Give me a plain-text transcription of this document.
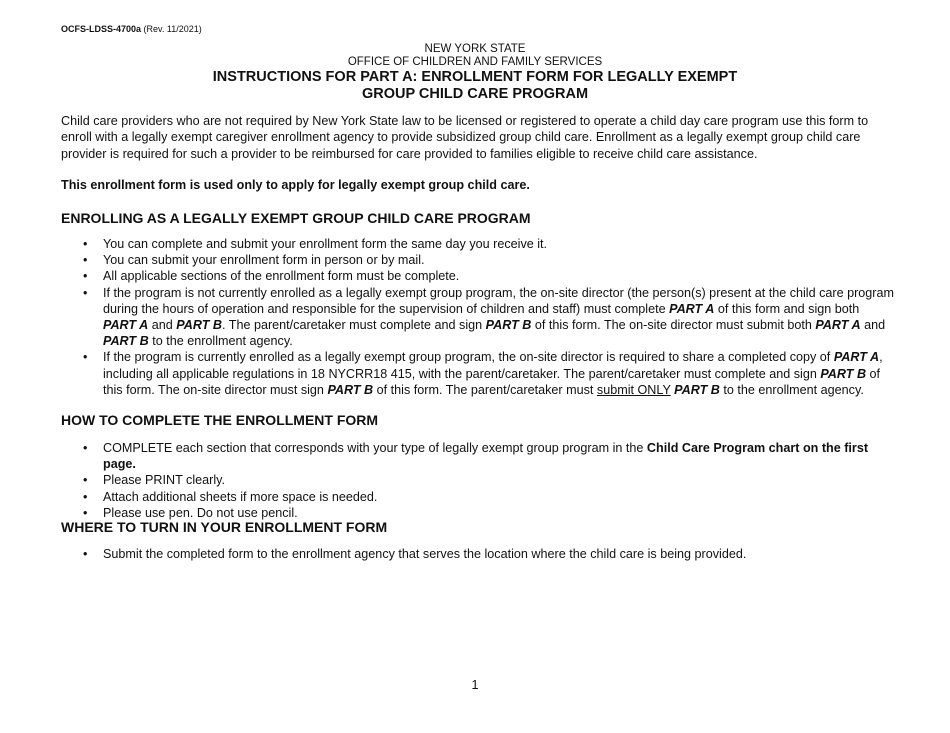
OCFS-LDSS-4700a (Rev. 11/2021)
NEW YORK STATE
OFFICE OF CHILDREN AND FAMILY SERVICES
INSTRUCTIONS FOR PART A: ENROLLMENT FORM FOR LEGALLY EXEMPT
GROUP CHILD CARE PROGRAM
Child care providers who are not required by New York State law to be licensed or registered to operate a child day care program use this form to enroll with a legally exempt caregiver enrollment agency to provide subsidized group child care. Enrollment as a legally exempt group child care provider is required for such a provider to be reimbursed for care provided to families eligible to receive child care assistance.
This enrollment form is used only to apply for legally exempt group child care.
ENROLLING AS A LEGALLY EXEMPT GROUP CHILD CARE PROGRAM
• You can complete and submit your enrollment form the same day you receive it.
• You can submit your enrollment form in person or by mail.
• All applicable sections of the enrollment form must be complete.
• If the program is not currently enrolled as a legally exempt group program, the on-site director (the person(s) present at the child care program during the hours of operation and responsible for the supervision of children and staff) must complete PART A of this form and sign both PART A and PART B. The parent/caretaker must complete and sign PART B of this form. The on-site director must submit both PART A and PART B to the enrollment agency.
• If the program is currently enrolled as a legally exempt group program, the on-site director is required to share a completed copy of PART A, including all applicable regulations in 18 NYCRR18 415, with the parent/caretaker. The parent/caretaker must complete and sign PART B of this form. The on-site director must sign PART B of this form. The parent/caretaker must submit ONLY PART B to the enrollment agency.
HOW TO COMPLETE THE ENROLLMENT FORM
• COMPLETE each section that corresponds with your type of legally exempt group program in the Child Care Program chart on the first page.
• Please PRINT clearly.
• Attach additional sheets if more space is needed.
• Please use pen. Do not use pencil.
WHERE TO TURN IN YOUR ENROLLMENT FORM
• Submit the completed form to the enrollment agency that serves the location where the child care is being provided.
1
